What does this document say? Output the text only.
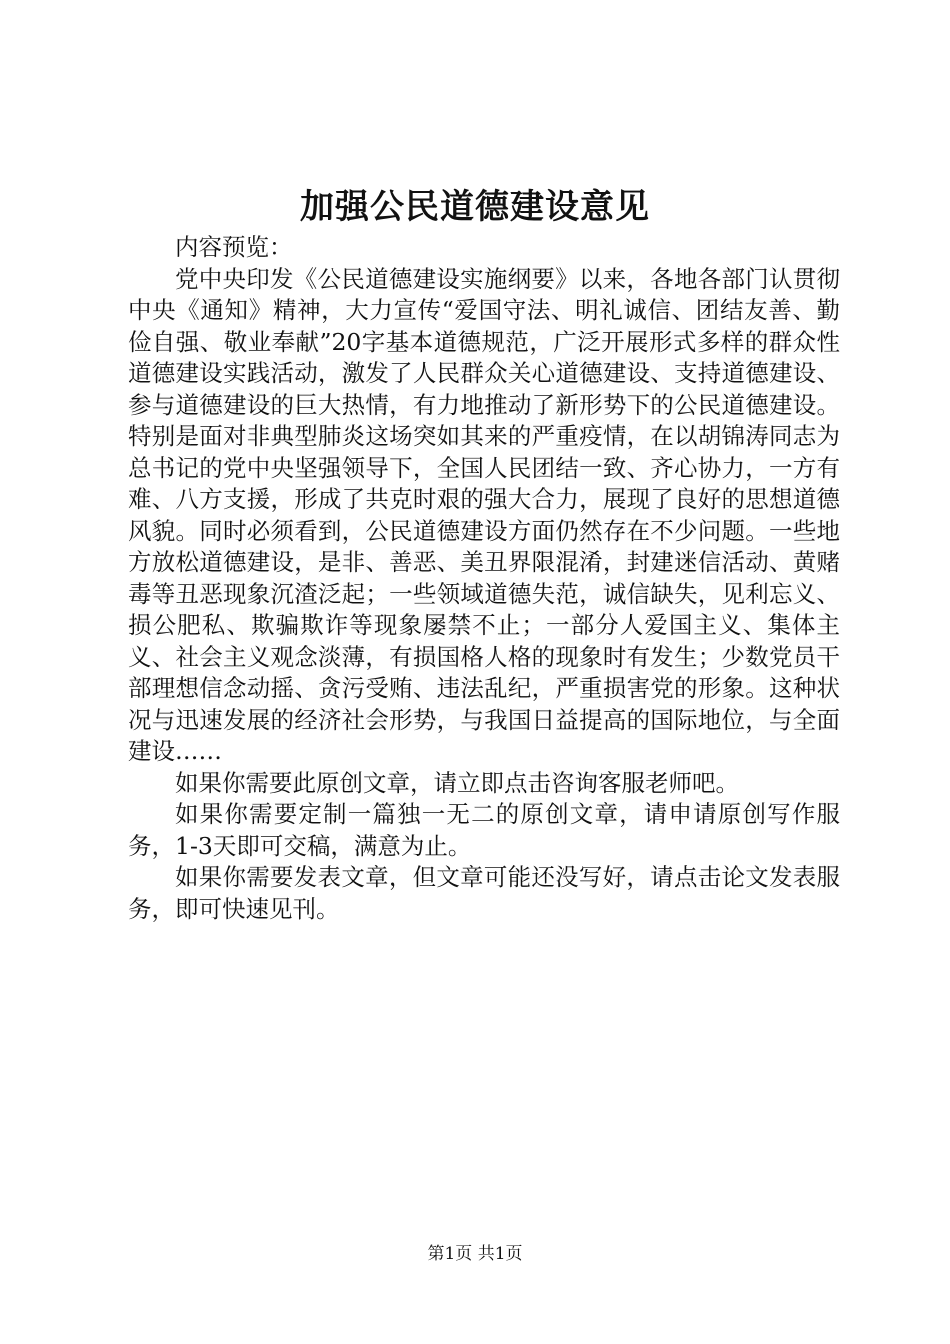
加强公民道德建设意见

内容预览：

党中央印发《公民道德建设实施纲要》以来，各地各部门认贯彻中央《通知》精神，大力宣传“爱国守法、明礼诚信、团结友善、勤俭自强、敬业奉献”20字基本道德规范，广泛开展形式多样的群众性道德建设实践活动，激发了人民群众关心道德建设、支持道德建设、参与道德建设的巨大热情，有力地推动了新形势下的公民道德建设。特别是面对非典型肺炎这场突如其来的严重疫情，在以胡锦涛同志为总书记的党中央坚强领导下，全国人民团结一致、齐心协力，一方有难、八方支援，形成了共克时艰的强大合力，展现了良好的思想道德风貌。同时必须看到，公民道德建设方面仍然存在不少问题。一些地方放松道德建设，是非、善恶、美丑界限混淆，封建迷信活动、黄赌毒等丑恶现象沉渣泛起；一些领域道德失范，诚信缺失，见利忘义、损公肥私、欺骗欺诈等现象屡禁不止；一部分人爱国主义、集体主义、社会主义观念淡薄，有损国格人格的现象时有发生；少数党员干部理想信念动摇、贪污受贿、违法乱纪，严重损害党的形象。这种状况与迅速发展的经济社会形势，与我国日益提高的国际地位，与全面建设……

如果你需要此原创文章，请立即点击咨询客服老师吧。

如果你需要定制一篇独一无二的原创文章，请申请原创写作服务，1-3天即可交稿，满意为止。

如果你需要发表文章，但文章可能还没写好，请点击论文发表服务，即可快速见刊。

第1页 共1页
